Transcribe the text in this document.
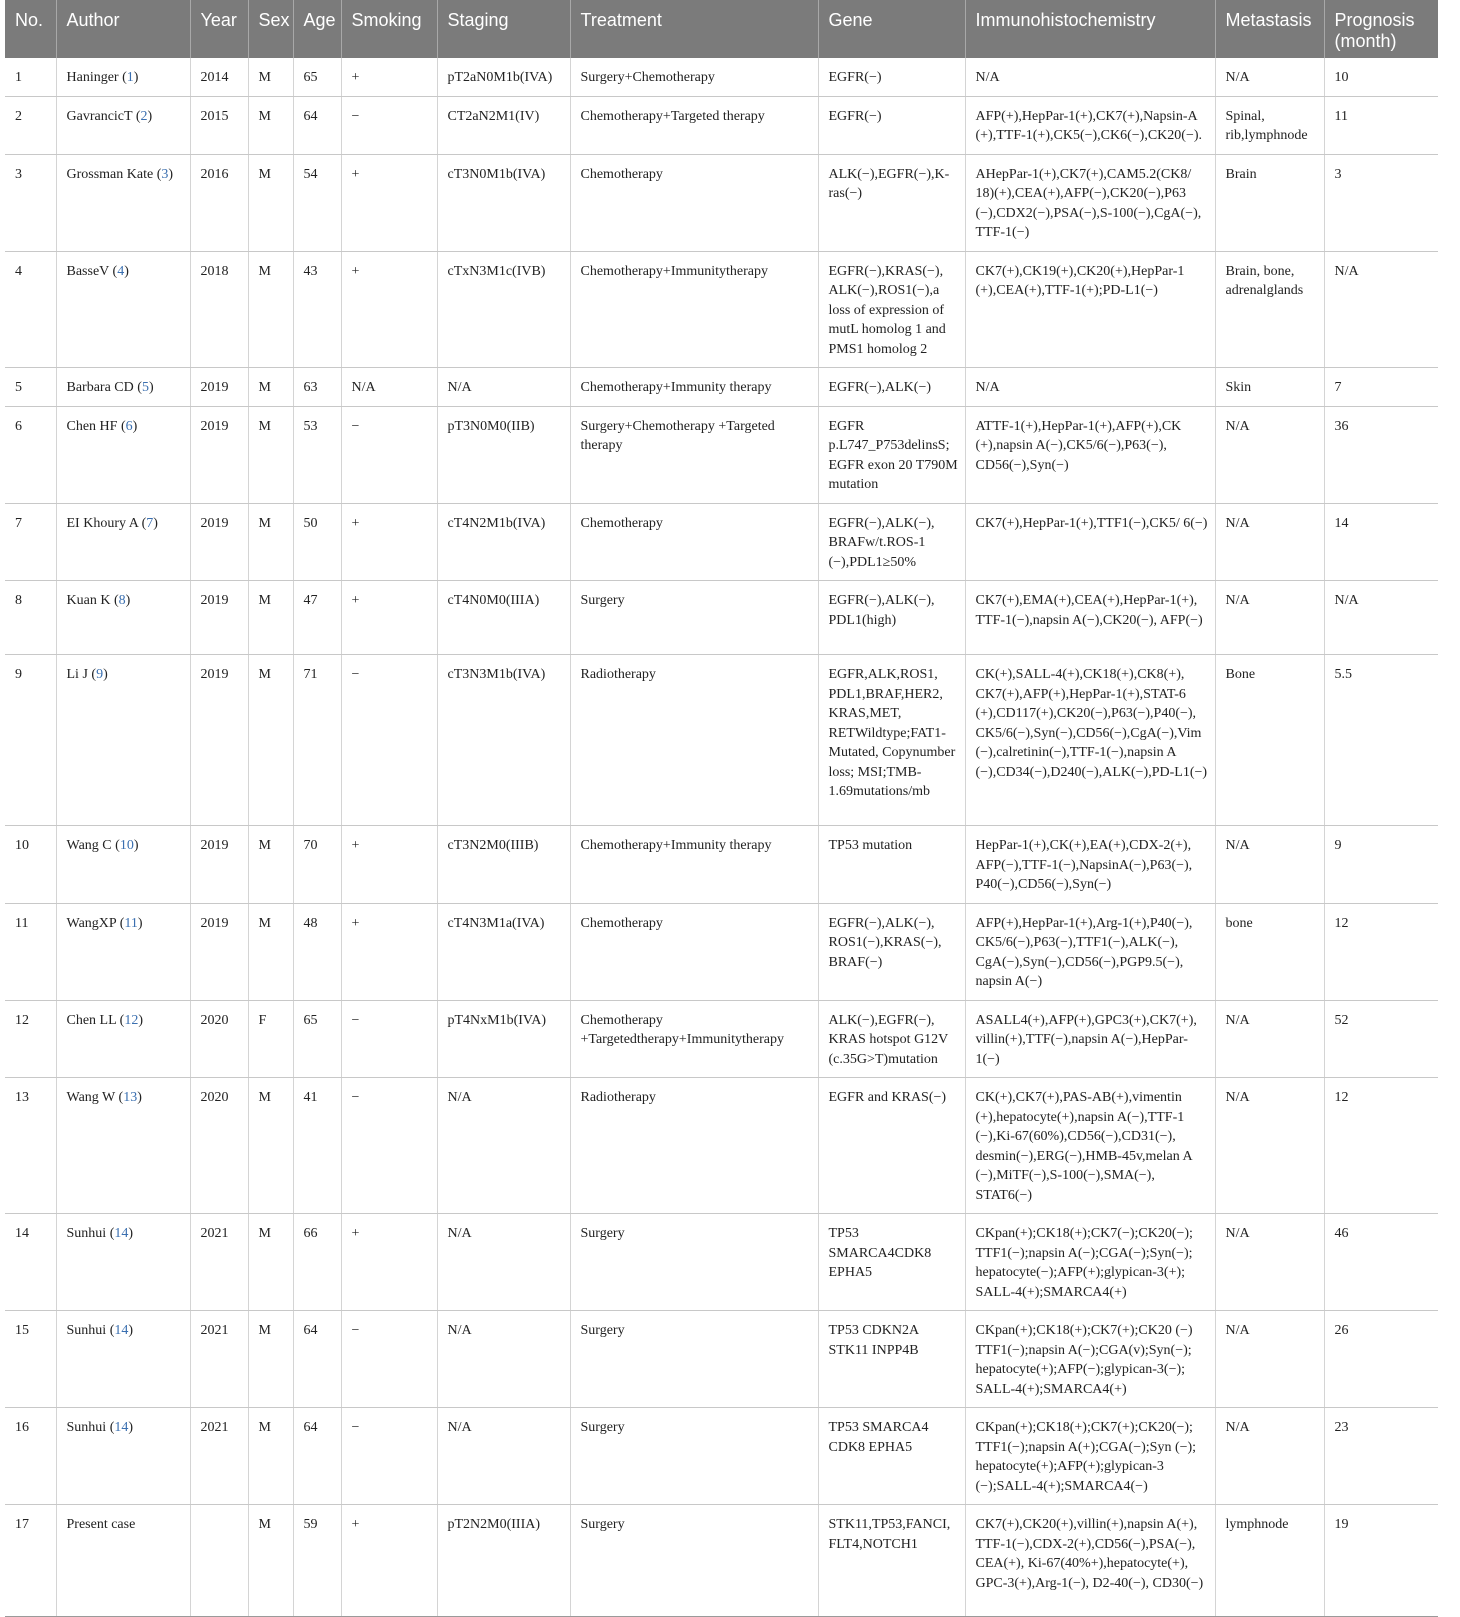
No.	Author	Year	Sex	Age	Smoking	Staging	Treatment	Gene	Immunohistochemistry	Metastasis	Prognosis (month)
1	Haninger (1)	2014	M	65	+	pT2aN0M1b(IVA)	Surgery+Chemotherapy	EGFR(−)	N/A	N/A	10
2	GavrancicT (2)	2015	M	64	−	CT2aN2M1(IV)	Chemotherapy+Targeted therapy	EGFR(−)	AFP(+),HepPar-1(+),CK7(+),Napsin-A (+),TTF-1(+),CK5(−),CK6(−),CK20(−).	Spinal, rib,lymphnode	11
3	Grossman Kate (3)	2016	M	54	+	cT3N0M1b(IVA)	Chemotherapy	ALK(−),EGFR(−),K-ras(−)	AHepPar-1(+),CK7(+),CAM5.2(CK8/ 18)(+),CEA(+),AFP(−),CK20(−),P63 (−),CDX2(−),PSA(−),S-100(−),CgA(−), TTF-1(−)	Brain	3
4	BasseV (4)	2018	M	43	+	cTxN3M1c(IVB)	Chemotherapy+Immunitytherapy	EGFR(−),KRAS(−), ALK(−),ROS1(−),a loss of expression of mutL homolog 1 and PMS1 homolog 2	CK7(+),CK19(+),CK20(+),HepPar-1 (+),CEA(+),TTF-1(+);PD-L1(−)	Brain, bone, adrenalglands	N/A
5	Barbara CD (5)	2019	M	63	N/A	N/A	Chemotherapy+Immunity therapy	EGFR(−),ALK(−)	N/A	Skin	7
6	Chen HF (6)	2019	M	53	−	pT3N0M0(IIB)	Surgery+Chemotherapy +Targeted therapy	EGFR p.L747_P753delinsS; EGFR exon 20 T790M mutation	ATTF-1(+),HepPar-1(+),AFP(+),CK (+),napsin A(−),CK5/6(−),P63(−), CD56(−),Syn(−)	N/A	36
7	EI Khoury A (7)	2019	M	50	+	cT4N2M1b(IVA)	Chemotherapy	EGFR(−),ALK(−), BRAFw/t.ROS-1 (−),PDL1≥50%	CK7(+),HepPar-1(+),TTF1(−),CK5/ 6(−)	N/A	14
8	Kuan K (8)	2019	M	47	+	cT4N0M0(IIIA)	Surgery	EGFR(−),ALK(−), PDL1(high)	CK7(+),EMA(+),CEA(+),HepPar-1(+), TTF-1(−),napsin A(−),CK20(−), AFP(−)	N/A	N/A
9	Li J (9)	2019	M	71	−	cT3N3M1b(IVA)	Radiotherapy	EGFR,ALK,ROS1, PDL1,BRAF,HER2, KRAS,MET, RETWildtype;FAT1-Mutated, Copynumber loss; MSI;TMB-1.69mutations/mb	CK(+),SALL-4(+),CK18(+),CK8(+), CK7(+),AFP(+),HepPar-1(+),STAT-6 (+),CD117(+),CK20(−),P63(−),P40(−), CK5/6(−),Syn(−),CD56(−),CgA(−),Vim (−),calretinin(−),TTF-1(−),napsin A (−),CD34(−),D240(−),ALK(−),PD-L1(−)	Bone	5.5
10	Wang C (10)	2019	M	70	+	cT3N2M0(IIIB)	Chemotherapy+Immunity therapy	TP53 mutation	HepPar-1(+),CK(+),EA(+),CDX-2(+), AFP(−),TTF-1(−),NapsinA(−),P63(−), P40(−),CD56(−),Syn(−)	N/A	9
11	WangXP (11)	2019	M	48	+	cT4N3M1a(IVA)	Chemotherapy	EGFR(−),ALK(−), ROS1(−),KRAS(−), BRAF(−)	AFP(+),HepPar-1(+),Arg-1(+),P40(−), CK5/6(−),P63(−),TTF1(−),ALK(−), CgA(−),Syn(−),CD56(−),PGP9.5(−), napsin A(−)	bone	12
12	Chen LL (12)	2020	F	65	−	pT4NxM1b(IVA)	Chemotherapy +Targetedtherapy+Immunitytherapy	ALK(−),EGFR(−), KRAS hotspot G12V (c.35G>T)mutation	ASALL4(+),AFP(+),GPC3(+),CK7(+), villin(+),TTF(−),napsin A(−),HepPar-1(−)	N/A	52
13	Wang W (13)	2020	M	41	−	N/A	Radiotherapy	EGFR and KRAS(−)	CK(+),CK7(+),PAS-AB(+),vimentin (+),hepatocyte(+),napsin A(−),TTF-1 (−),Ki-67(60%),CD56(−),CD31(−), desmin(−),ERG(−),HMB-45v,melan A (−),MiTF(−),S-100(−),SMA(−), STAT6(−)	N/A	12
14	Sunhui (14)	2021	M	66	+	N/A	Surgery	TP53 SMARCA4CDK8 EPHA5	CKpan(+);CK18(+);CK7(−);CK20(−); TTF1(−);napsin A(−);CGA(−);Syn(−); hepatocyte(−);AFP(+);glypican-3(+); SALL-4(+);SMARCA4(+)	N/A	46
15	Sunhui (14)	2021	M	64	−	N/A	Surgery	TP53 CDKN2A STK11 INPP4B	CKpan(+);CK18(+);CK7(+);CK20 (−) TTF1(−);napsin A(−);CGA(v);Syn(−); hepatocyte(+);AFP(−);glypican-3(−); SALL-4(+);SMARCA4(+)	N/A	26
16	Sunhui (14)	2021	M	64	−	N/A	Surgery	TP53 SMARCA4 CDK8 EPHA5	CKpan(+);CK18(+);CK7(+);CK20(−); TTF1(−);napsin A(+);CGA(−);Syn (−); hepatocyte(+);AFP(+);glypican-3 (−);SALL-4(+);SMARCA4(−)	N/A	23
17	Present case		M	59	+	pT2N2M0(IIIA)	Surgery	STK11,TP53,FANCI, FLT4,NOTCH1	CK7(+),CK20(+),villin(+),napsin A(+), TTF-1(−),CDX-2(+),CD56(−),PSA(−), CEA(+), Ki-67(40%+),hepatocyte(+), GPC-3(+),Arg-1(−), D2-40(−), CD30(−)	lymphnode	19
